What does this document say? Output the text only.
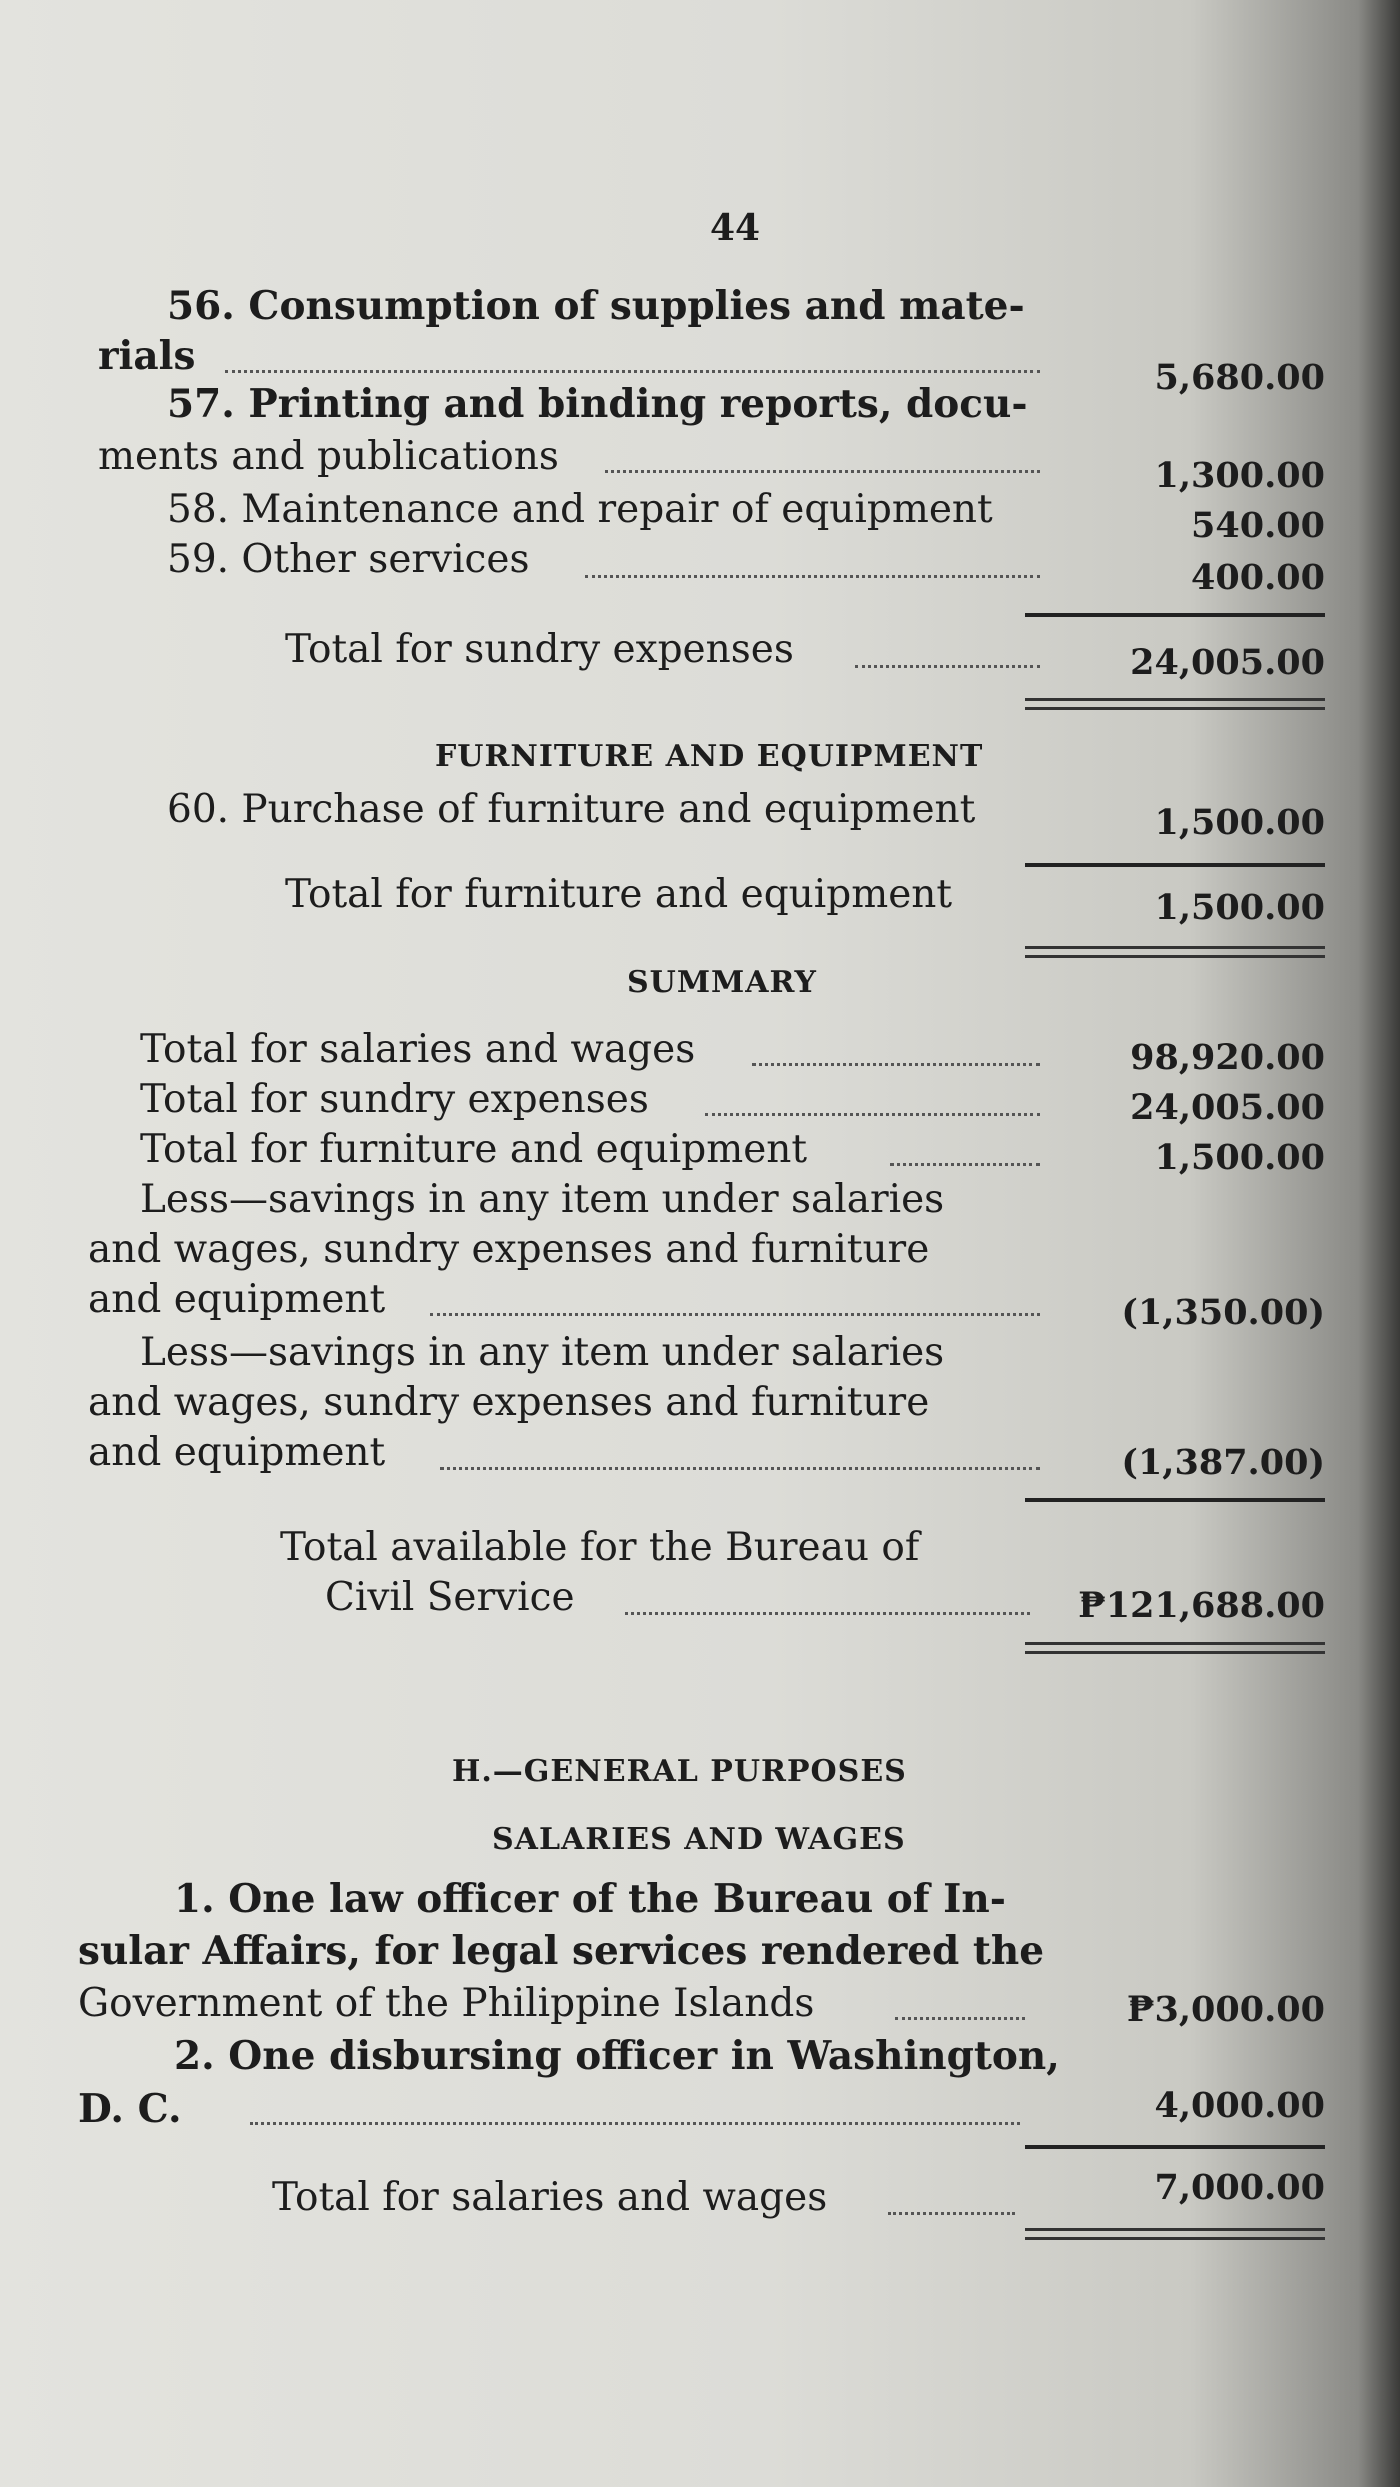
44
56. Consumption of supplies and mate-
rials	5,680.00
57. Printing and binding reports, docu-
ments and publications	1,300.00
58. Maintenance and repair of equipment	540.00
59. Other services	400.00
Total for sundry expenses	24,005.00
FURNITURE AND EQUIPMENT
60. Purchase of furniture and equipment	1,500.00
Total for furniture and equipment	1,500.00
SUMMARY
Total for salaries and wages	98,920.00
Total for sundry expenses	24,005.00
Total for furniture and equipment	1,500.00
Less—savings in any item under salaries
and wages, sundry expenses and furniture
and equipment	(1,350.00)
Less—savings in any item under salaries
and wages, sundry expenses and furniture
and equipment	(1,387.00)
Total available for the Bureau of
Civil Service	₱121,688.00
H.—GENERAL PURPOSES
SALARIES AND WAGES
1. One law officer of the Bureau of In-
sular Affairs, for legal services rendered the
Government of the Philippine Islands	₱3,000.00
2. One disbursing officer in Washington,
D. C.	4,000.00
Total for salaries and wages	7,000.00
